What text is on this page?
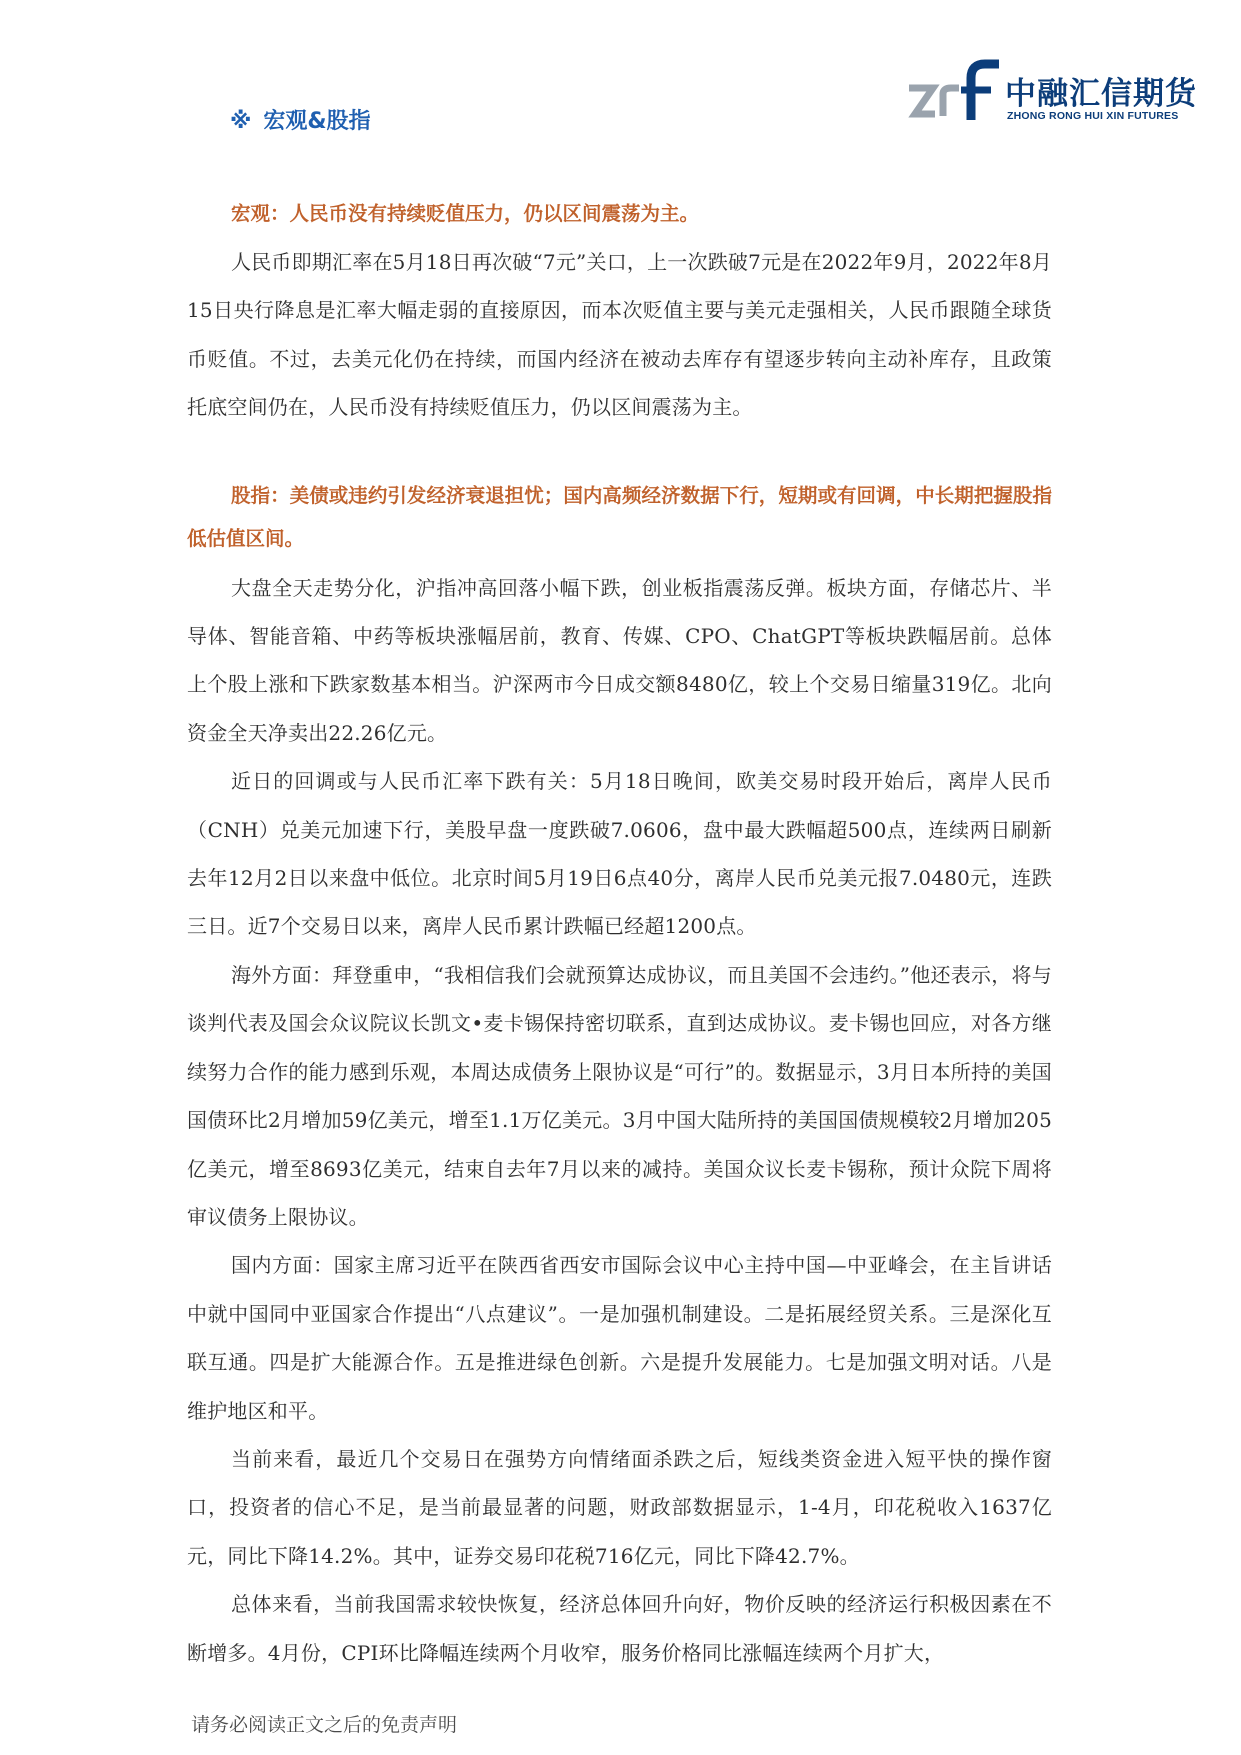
中融汇信期货
ZHONG RONG HUI XIN FUTURES
※ 宏观&股指

宏观：人民币没有持续贬值压力，仍以区间震荡为主。

人民币即期汇率在5月18日再次破“7元”关口，上一次跌破7元是在2022年9月，2022年8月15日央行降息是汇率大幅走弱的直接原因，而本次贬值主要与美元走强相关，人民币跟随全球货币贬值。不过，去美元化仍在持续，而国内经济在被动去库存有望逐步转向主动补库存，且政策托底空间仍在，人民币没有持续贬值压力，仍以区间震荡为主。

股指：美债或违约引发经济衰退担忧；国内高频经济数据下行，短期或有回调，中长期把握股指低估值区间。

大盘全天走势分化，沪指冲高回落小幅下跌，创业板指震荡反弹。板块方面，存储芯片、半导体、智能音箱、中药等板块涨幅居前，教育、传媒、CPO、ChatGPT等板块跌幅居前。总体上个股上涨和下跌家数基本相当。沪深两市今日成交额8480亿，较上个交易日缩量319亿。北向资金全天净卖出22.26亿元。

近日的回调或与人民币汇率下跌有关：5月18日晚间，欧美交易时段开始后，离岸人民币（CNH）兑美元加速下行，美股早盘一度跌破7.0606，盘中最大跌幅超500点，连续两日刷新去年12月2日以来盘中低位。北京时间5月19日6点40分，离岸人民币兑美元报7.0480元，连跌三日。近7个交易日以来，离岸人民币累计跌幅已经超1200点。

海外方面：拜登重申，“我相信我们会就预算达成协议，而且美国不会违约。”他还表示，将与谈判代表及国会众议院议长凯文•麦卡锡保持密切联系，直到达成协议。麦卡锡也回应，对各方继续努力合作的能力感到乐观，本周达成债务上限协议是“可行”的。数据显示，3月日本所持的美国国债环比2月增加59亿美元，增至1.1万亿美元。3月中国大陆所持的美国国债规模较2月增加205亿美元，增至8693亿美元，结束自去年7月以来的减持。美国众议长麦卡锡称，预计众院下周将审议债务上限协议。

国内方面：国家主席习近平在陕西省西安市国际会议中心主持中国—中亚峰会，在主旨讲话中就中国同中亚国家合作提出“八点建议”。一是加强机制建设。二是拓展经贸关系。三是深化互联互通。四是扩大能源合作。五是推进绿色创新。六是提升发展能力。七是加强文明对话。八是维护地区和平。

当前来看，最近几个交易日在强势方向情绪面杀跌之后，短线类资金进入短平快的操作窗口，投资者的信心不足，是当前最显著的问题，财政部数据显示，1-4月，印花税收入1637亿元，同比下降14.2%。其中，证券交易印花税716亿元，同比下降42.7%。

总体来看，当前我国需求较快恢复，经济总体回升向好，物价反映的经济运行积极因素在不断增多。4月份，CPI环比降幅连续两个月收窄，服务价格同比涨幅连续两个月扩大，

请务必阅读正文之后的免责声明
